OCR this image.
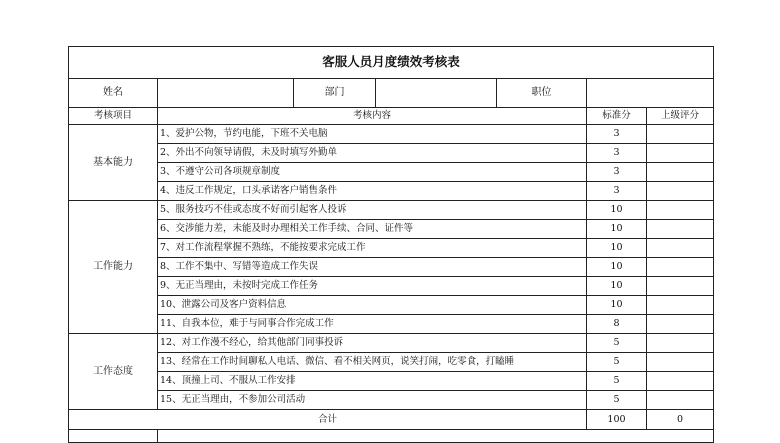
客服人员月度绩效考核表						
姓名		部门		职位		
考核项目	考核内容				标准分	上级评分
基本能力	1、爱护公物，节约电能，下班不关电脑				3	
	2、外出不向领导请假，未及时填写外勤单				3	
	3、不遵守公司各项规章制度				3	
	4、违反工作规定，口头承诺客户销售条件				3	
工作能力	5、服务技巧不佳或态度不好而引起客人投诉				10	
	6、交涉能力差，未能及时办理相关工作手续、合同、证件等				10	
	7、对工作流程掌握不熟练，不能按要求完成工作				10	
	8、工作不集中、写错等造成工作失误				10	
	9、无正当理由，未按时完成工作任务				10	
	10、泄露公司及客户资料信息				10	
	11、自我本位，难于与同事合作完成工作				8	
工作态度	12、对工作漫不经心，给其他部门同事投诉				5	
	13、经常在工作时间聊私人电话、微信、看不相关网页，说笑打闹，吃零食，打瞌睡				5	
	14、顶撞上司、不服从工作安排				5	
	15、无正当理由，不参加公司活动				5	
合计					100	0
